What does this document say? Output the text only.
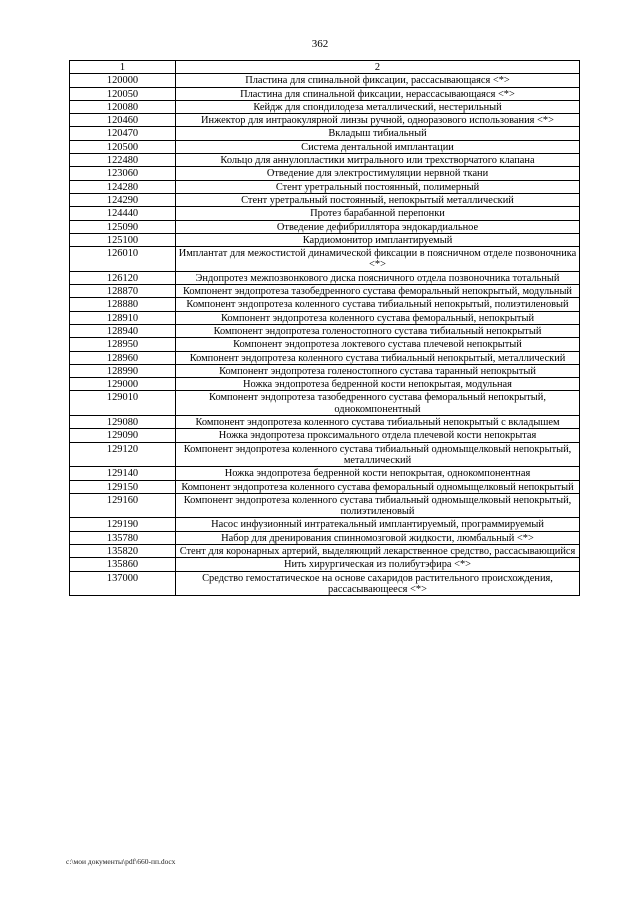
362
1	2
120000	Пластина для спинальной фиксации, рассасывающаяся <*>
120050	Пластина для спинальной фиксации, нерассасывающаяся <*>
120080	Кейдж для спондилодеза металлический, нестерильный
120460	Инжектор для интраокулярной линзы ручной, одноразового использования <*>
120470	Вкладыш тибиальный
120500	Система дентальной имплантации
122480	Кольцо для аннулопластики митрального или трехстворчатого клапана
123060	Отведение для электростимуляции нервной ткани
124280	Стент уретральный постоянный, полимерный
124290	Стент уретральный постоянный, непокрытый металлический
124440	Протез барабанной перепонки
125090	Отведение дефибриллятора эндокардиальное
125100	Кардиомонитор имплантируемый
126010	Имплантат для межостистой динамической фиксации в поясничном отделе позвоночника <*>
126120	Эндопротез межпозвонкового диска поясничного отдела позвоночника тотальный
128870	Компонент эндопротеза тазобедренного сустава феморальный непокрытый, модульный
128880	Компонент эндопротеза коленного сустава тибиальный непокрытый, полиэтиленовый
128910	Компонент эндопротеза коленного сустава феморальный, непокрытый
128940	Компонент эндопротеза голеностопного сустава тибиальный непокрытый
128950	Компонент эндопротеза локтевого сустава плечевой непокрытый
128960	Компонент эндопротеза коленного сустава тибиальный непокрытый, металлический
128990	Компонент эндопротеза голеностопного сустава таранный непокрытый
129000	Ножка эндопротеза бедренной кости непокрытая, модульная
129010	Компонент эндопротеза тазобедренного сустава феморальный непокрытый, однокомпонентный
129080	Компонент эндопротеза коленного сустава тибиальный непокрытый с вкладышем
129090	Ножка эндопротеза проксимального отдела плечевой кости непокрытая
129120	Компонент эндопротеза коленного сустава тибиальный одномыщелковый непокрытый, металлический
129140	Ножка эндопротеза бедренной кости непокрытая, однокомпонентная
129150	Компонент эндопротеза коленного сустава феморальный одномыщелковый непокрытый
129160	Компонент эндопротеза коленного сустава тибиальный одномыщелковый непокрытый, полиэтиленовый
129190	Насос инфузионный интратекальный имплантируемый, программируемый
135780	Набор для дренирования спинномозговой жидкости, люмбальный <*>
135820	Стент для коронарных артерий, выделяющий лекарственное средство, рассасывающийся
135860	Нить хирургическая из полибутэфира <*>
137000	Средство гемостатическое на основе сахаридов растительного происхождения, рассасывающееся <*>
c:\мои документы\pdf\660-пп.docx
